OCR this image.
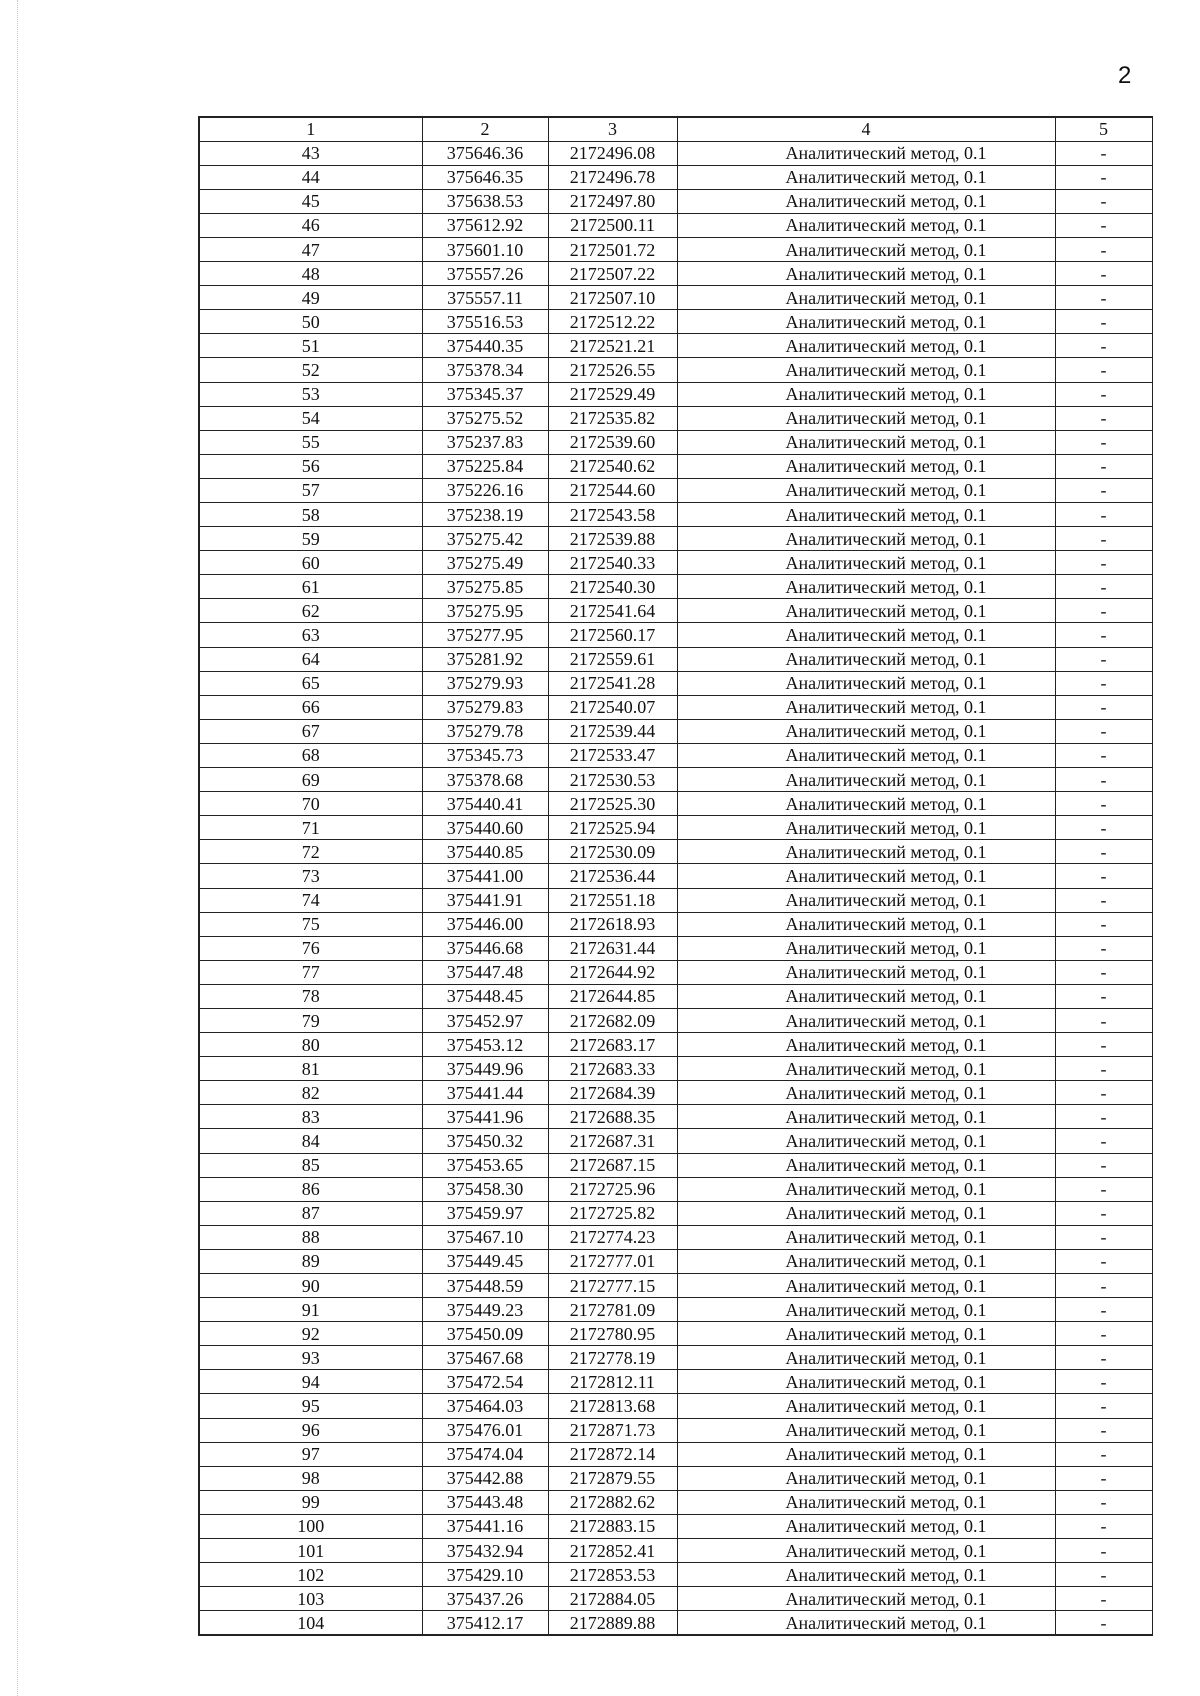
2
1	2	3	4	5
43	375646.36	2172496.08	Аналитический метод, 0.1	-
44	375646.35	2172496.78	Аналитический метод, 0.1	-
45	375638.53	2172497.80	Аналитический метод, 0.1	-
46	375612.92	2172500.11	Аналитический метод, 0.1	-
47	375601.10	2172501.72	Аналитический метод, 0.1	-
48	375557.26	2172507.22	Аналитический метод, 0.1	-
49	375557.11	2172507.10	Аналитический метод, 0.1	-
50	375516.53	2172512.22	Аналитический метод, 0.1	-
51	375440.35	2172521.21	Аналитический метод, 0.1	-
52	375378.34	2172526.55	Аналитический метод, 0.1	-
53	375345.37	2172529.49	Аналитический метод, 0.1	-
54	375275.52	2172535.82	Аналитический метод, 0.1	-
55	375237.83	2172539.60	Аналитический метод, 0.1	-
56	375225.84	2172540.62	Аналитический метод, 0.1	-
57	375226.16	2172544.60	Аналитический метод, 0.1	-
58	375238.19	2172543.58	Аналитический метод, 0.1	-
59	375275.42	2172539.88	Аналитический метод, 0.1	-
60	375275.49	2172540.33	Аналитический метод, 0.1	-
61	375275.85	2172540.30	Аналитический метод, 0.1	-
62	375275.95	2172541.64	Аналитический метод, 0.1	-
63	375277.95	2172560.17	Аналитический метод, 0.1	-
64	375281.92	2172559.61	Аналитический метод, 0.1	-
65	375279.93	2172541.28	Аналитический метод, 0.1	-
66	375279.83	2172540.07	Аналитический метод, 0.1	-
67	375279.78	2172539.44	Аналитический метод, 0.1	-
68	375345.73	2172533.47	Аналитический метод, 0.1	-
69	375378.68	2172530.53	Аналитический метод, 0.1	-
70	375440.41	2172525.30	Аналитический метод, 0.1	-
71	375440.60	2172525.94	Аналитический метод, 0.1	-
72	375440.85	2172530.09	Аналитический метод, 0.1	-
73	375441.00	2172536.44	Аналитический метод, 0.1	-
74	375441.91	2172551.18	Аналитический метод, 0.1	-
75	375446.00	2172618.93	Аналитический метод, 0.1	-
76	375446.68	2172631.44	Аналитический метод, 0.1	-
77	375447.48	2172644.92	Аналитический метод, 0.1	-
78	375448.45	2172644.85	Аналитический метод, 0.1	-
79	375452.97	2172682.09	Аналитический метод, 0.1	-
80	375453.12	2172683.17	Аналитический метод, 0.1	-
81	375449.96	2172683.33	Аналитический метод, 0.1	-
82	375441.44	2172684.39	Аналитический метод, 0.1	-
83	375441.96	2172688.35	Аналитический метод, 0.1	-
84	375450.32	2172687.31	Аналитический метод, 0.1	-
85	375453.65	2172687.15	Аналитический метод, 0.1	-
86	375458.30	2172725.96	Аналитический метод, 0.1	-
87	375459.97	2172725.82	Аналитический метод, 0.1	-
88	375467.10	2172774.23	Аналитический метод, 0.1	-
89	375449.45	2172777.01	Аналитический метод, 0.1	-
90	375448.59	2172777.15	Аналитический метод, 0.1	-
91	375449.23	2172781.09	Аналитический метод, 0.1	-
92	375450.09	2172780.95	Аналитический метод, 0.1	-
93	375467.68	2172778.19	Аналитический метод, 0.1	-
94	375472.54	2172812.11	Аналитический метод, 0.1	-
95	375464.03	2172813.68	Аналитический метод, 0.1	-
96	375476.01	2172871.73	Аналитический метод, 0.1	-
97	375474.04	2172872.14	Аналитический метод, 0.1	-
98	375442.88	2172879.55	Аналитический метод, 0.1	-
99	375443.48	2172882.62	Аналитический метод, 0.1	-
100	375441.16	2172883.15	Аналитический метод, 0.1	-
101	375432.94	2172852.41	Аналитический метод, 0.1	-
102	375429.10	2172853.53	Аналитический метод, 0.1	-
103	375437.26	2172884.05	Аналитический метод, 0.1	-
104	375412.17	2172889.88	Аналитический метод, 0.1	-
